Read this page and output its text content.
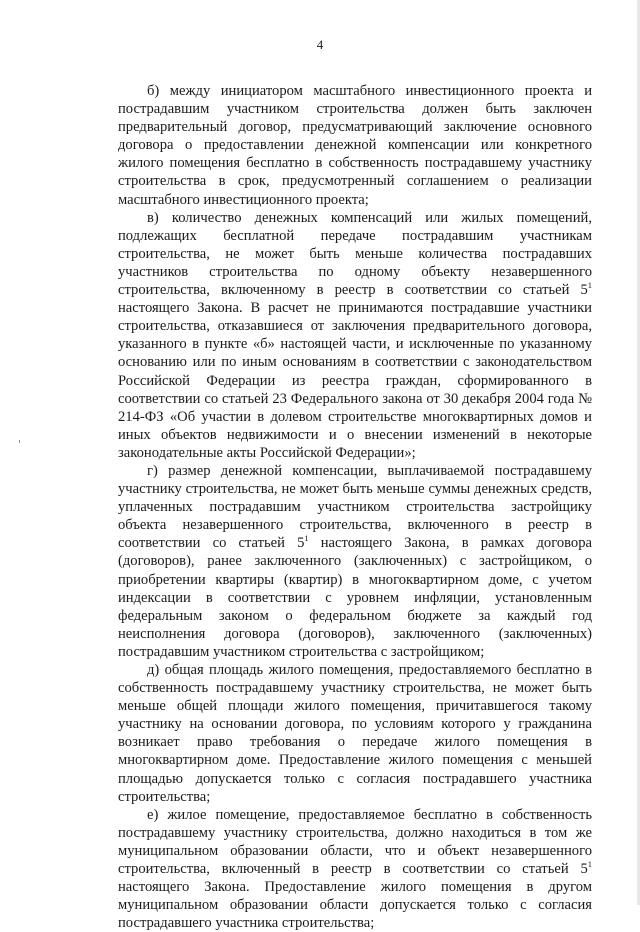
4

б) между инициатором масштабного инвестиционного проекта и пострадавшим участником строительства должен быть заключен предварительный договор, предусматривающий заключение основного договора о предоставлении денежной компенсации или конкретного жилого помещения бесплатно в собственность пострадавшему участнику строительства в срок, предусмотренный соглашением о реализации масштабного инвестиционного проекта;

в) количество денежных компенсаций или жилых помещений, подлежащих бесплатной передаче пострадавшим участникам строительства, не может быть меньше количества пострадавших участников строительства по одному объекту незавершенного строительства, включенному в реестр в соответствии со статьей $5^1$ настоящего Закона. В расчет не принимаются пострадавшие участники строительства, отказавшиеся от заключения предварительного договора, указанного в пункте «б» настоящей части, и исключенные по указанному основанию или по иным основаниям в соответствии с законодательством Российской Федерации из реестра граждан, сформированного в соответствии со статьей 23 Федерального закона от 30 декабря 2004 года № 214-ФЗ «Об участии в долевом строительстве многоквартирных домов и иных объектов недвижимости и о внесении изменений в некоторые законодательные акты Российской Федерации»;

г) размер денежной компенсации, выплачиваемой пострадавшему участнику строительства, не может быть меньше суммы денежных средств, уплаченных пострадавшим участником строительства застройщику объекта незавершенного строительства, включенного в реестр в соответствии со статьей $5^1$ настоящего Закона, в рамках договора (договоров), ранее заключенного (заключенных) с застройщиком, о приобретении квартиры (квартир) в многоквартирном доме, с учетом индексации в соответствии с уровнем инфляции, установленным федеральным законом о федеральном бюджете за каждый год неисполнения договора (договоров), заключенного (заключенных) пострадавшим участником строительства с застройщиком;

д) общая площадь жилого помещения, предоставляемого бесплатно в собственность пострадавшему участнику строительства, не может быть меньше общей площади жилого помещения, причитавшегося такому участнику на основании договора, по условиям которого у гражданина возникает право требования о передаче жилого помещения в многоквартирном доме. Предоставление жилого помещения с меньшей площадью допускается только с согласия пострадавшего участника строительства;

е) жилое помещение, предоставляемое бесплатно в собственность пострадавшему участнику строительства, должно находиться в том же муниципальном образовании области, что и объект незавершенного строительства, включенный в реестр в соответствии со статьей $5^1$ настоящего Закона. Предоставление жилого помещения в другом муниципальном образовании области допускается только с согласия пострадавшего участника строительства;
